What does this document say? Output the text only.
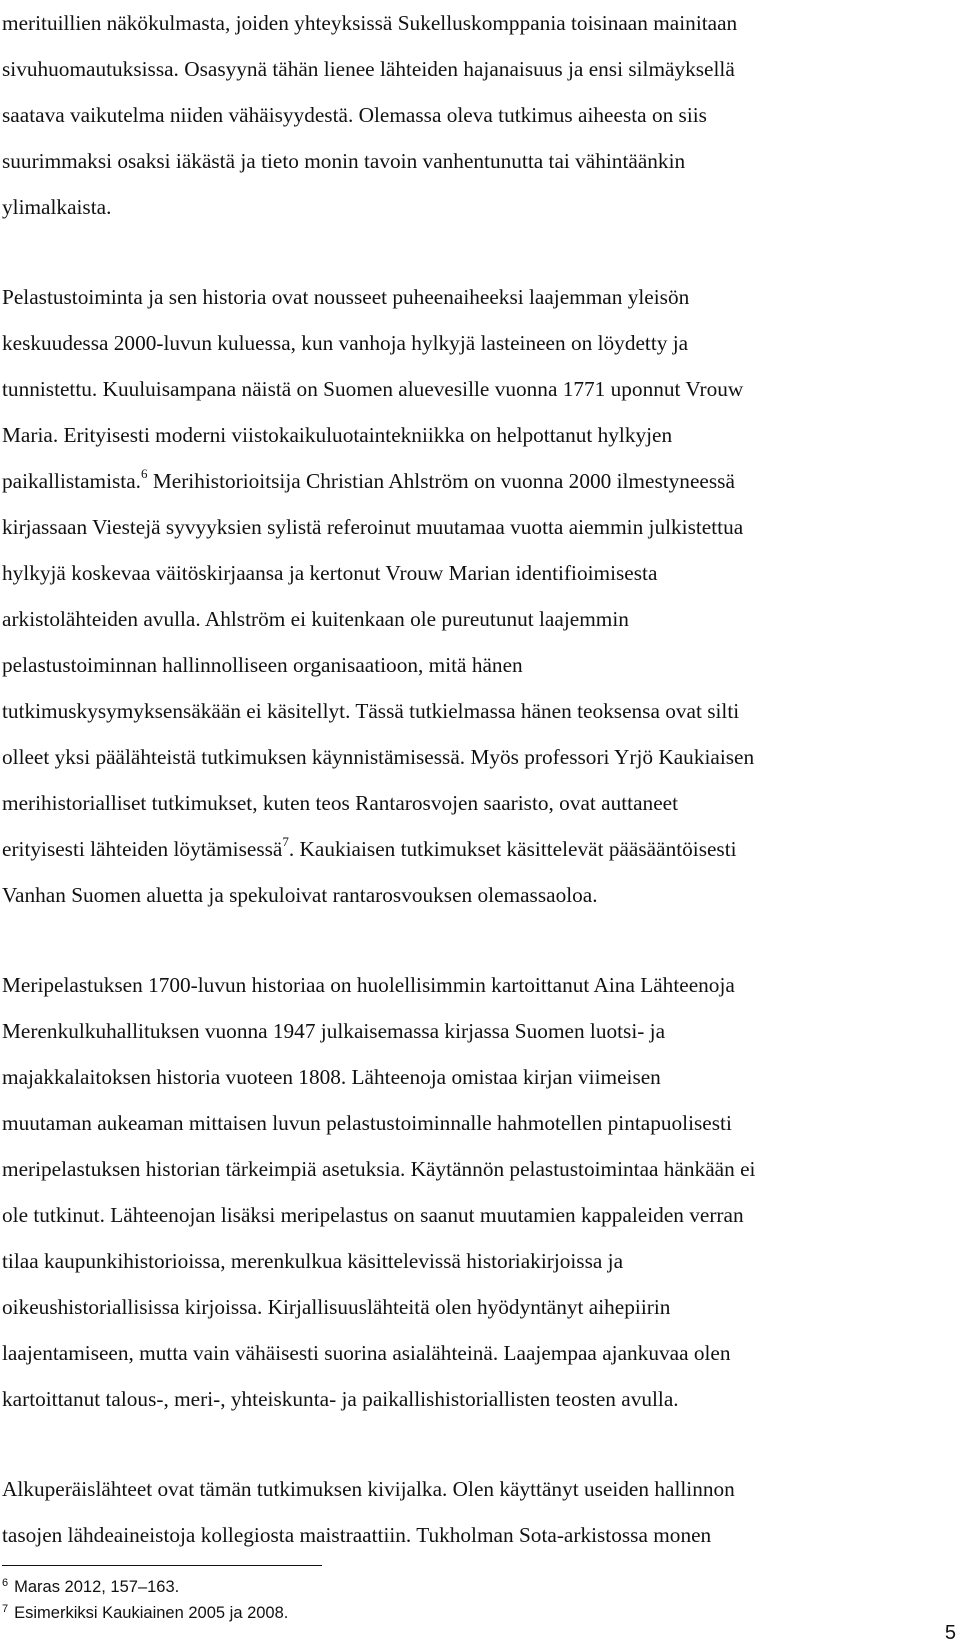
merituillien näkökulmasta, joiden yhteyksissä Sukelluskomppania toisinaan mainitaan
sivuhuomautuksissa. Osasyynä tähän lienee lähteiden hajanaisuus ja ensi silmäyksellä
saatava vaikutelma niiden vähäisyydestä. Olemassa oleva tutkimus aiheesta on siis
suurimmaksi osaksi iäkästä ja tieto monin tavoin vanhentunutta tai vähintäänkin
ylimalkaista.
Pelastustoiminta ja sen historia ovat nousseet puheenaiheeksi laajemman yleisön
keskuudessa 2000-luvun kuluessa, kun vanhoja hylkyjä lasteineen on löydetty ja
tunnistettu. Kuuluisampana näistä on Suomen aluevesille vuonna 1771 uponnut Vrouw
Maria. Erityisesti moderni viistokaikuluotaintekniikka on helpottanut hylkyjen
paikallistamista.$^6$ Merihistorioitsija Christian Ahlström on vuonna 2000 ilmestyneessä
kirjassaan Viestejä syvyyksien sylistä referoinut muutamaa vuotta aiemmin julkistettua
hylkyjä koskevaa väitöskirjaansa ja kertonut Vrouw Marian identifioimisesta
arkistolähteiden avulla. Ahlström ei kuitenkaan ole pureutunut laajemmin
pelastustoiminnan hallinnolliseen organisaatioon, mitä hänen
tutkimuskysymyksensäkään ei käsitellyt. Tässä tutkielmassa hänen teoksensa ovat silti
olleet yksi päälähteistä tutkimuksen käynnistämisessä. Myös professori Yrjö Kaukiaisen
merihistorialliset tutkimukset, kuten teos Rantarosvojen saaristo, ovat auttaneet
erityisesti lähteiden löytämisessä$^7$. Kaukiaisen tutkimukset käsittelevät pääsääntöisesti
Vanhan Suomen aluetta ja spekuloivat rantarosvouksen olemassaoloa.
Meripelastuksen 1700-luvun historiaa on huolellisimmin kartoittanut Aina Lähteenoja
Merenkulkuhallituksen vuonna 1947 julkaisemassa kirjassa Suomen luotsi- ja
majakkalaitoksen historia vuoteen 1808. Lähteenoja omistaa kirjan viimeisen
muutaman aukeaman mittaisen luvun pelastustoiminnalle hahmotellen pintapuolisesti
meripelastuksen historian tärkeimpiä asetuksia. Käytännön pelastustoimintaa hänkään ei
ole tutkinut. Lähteenojan lisäksi meripelastus on saanut muutamien kappaleiden verran
tilaa kaupunkihistorioissa, merenkulkua käsittelevissä historiakirjoissa ja
oikeushistoriallisissa kirjoissa. Kirjallisuuslähteitä olen hyödyntänyt aihepiirin
laajentamiseen, mutta vain vähäisesti suorina asialähteinä. Laajempaa ajankuvaa olen
kartoittanut talous-, meri-, yhteiskunta- ja paikallishistoriallisten teosten avulla.
Alkuperäislähteet ovat tämän tutkimuksen kivijalka. Olen käyttänyt useiden hallinnon
tasojen lähdeaineistoja kollegiosta maistraattiin. Tukholman Sota-arkistossa monen
$^6$ Maras 2012, 157–163.
$^7$ Esimerkiksi Kaukiainen 2005 ja 2008.
5
